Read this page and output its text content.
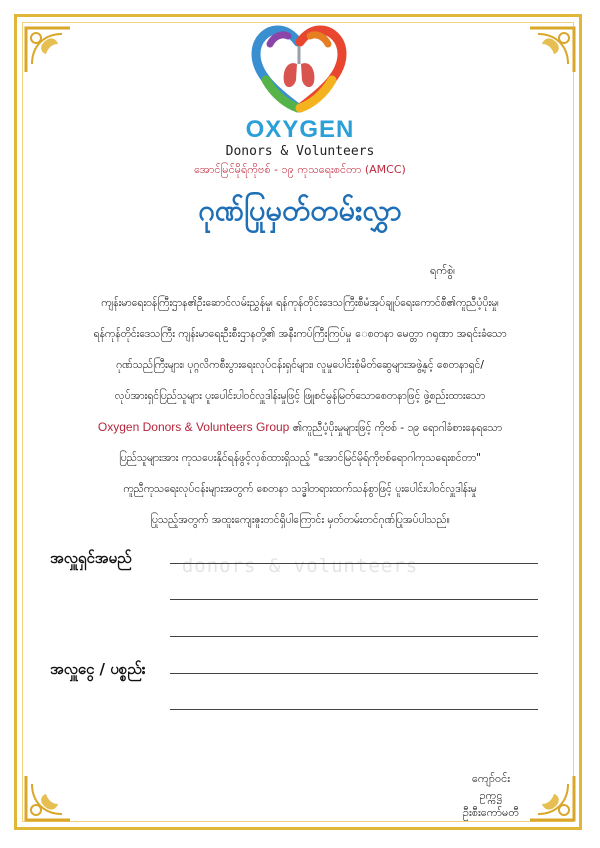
OXYGEN
Donors & Volunteers
အောင်မြင်မိုရ်ကိုဗစ် - ၁၉ ကုသရေးစင်တာ (AMCC)
ဂုဏ်ပြုမှတ်တမ်းလွှာ
ရက်စွဲ၊
donors & volunteers
ကျန်းမာရေးဝန်ကြီးဌာန၏ဦးဆောင်လမ်းညွှန်မှု၊ ရန်ကုန်တိုင်းဒေသကြီးစီမံအုပ်ချုပ်ရေးကောင်စီ၏ကူညီပံ့ပိုးမှု၊
ရန်ကုန်တိုင်းဒေသကြီး ကျန်းမာရေးဦးစီးဌာနတို့၏ အနီးကပ်ကြီးကြပ်မှု ေစတနာ မေတ္တာ ဂရုဏာ အရင်းခံသော
ဂုဏ်သည်ကြီးများ၊ ပုဂ္ဂလိကစီးပွားရေးလုပ်ငန်းရှင်များ၊ လူမှုပေါင်းစုံမိတ်ဆွေများအဖွဲ့နှင့် စေတနာရှင်/
လုပ်အားရှင်ပြည်သူများ ပူးပေါင်းပါဝင်လှူဒါန်းမှုဖြင့် ဖြူစင်မွန်မြတ်သောစေတနာဖြင့် ဖွဲ့စည်းထားသော
Oxygen Donors & Volunteers Group ၏ကူညီပံ့ပိုးမှုများဖြင့် ကိုဗစ် - ၁၉ ရောဂါခံစားနေရသော
ပြည်သူများအား ကုသပေးနိုင်ရန်ဖွင့်လှစ်ထားရှိသည့် "အောင်မြင်မိုရ်ကိုဗစ်ရောဂါကုသရေးစင်တာ"
ကူညီကုသရေးလုပ်ငန်းများအတွက် စေတနာ သဒ္ဓါတရားထက်သန်စွာဖြင့် ပူးပေါင်းပါဝင်လှူဒါန်းမှု
ပြုသည့်အတွက် အထူးကျေးဇူးတင်ရှိပါကြောင်း မှတ်တမ်းတင်ဂုဏ်ပြုအပ်ပါသည်။
အလှူရှင်အမည်
အလှူငွေ / ပစ္စည်း
ကျော်ဝင်း
ဥက္ကဋ္ဌ
ဦးစီးကော်မတီ
